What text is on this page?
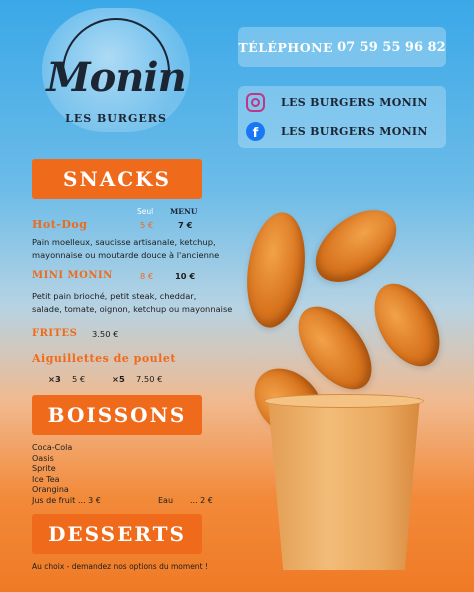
Monin
LES BURGERS
TÉLÉPHONE 07 59 55 96 82
LES BURGERS MONIN
f	LES BURGERS MONIN
SNACKS
Seul MENU
Hot-Dog	5 €	7 €
Pain moelleux, saucisse artisanale, ketchup,
mayonnaise ou moutarde douce à l'ancienne
MINI MONIN	8 €	10 €
Petit pain brioché, petit steak, cheddar,
salade, tomate, oignon, ketchup ou mayonnaise
FRITES 3.50 €
Aiguillettes de poulet
×3 5 €	×5 7.50 €
BOISSONS
Coca-Cola
Oasis
Sprite
Ice Tea
Orangina
Jus de fruit ... 3 €	Eau ... 2 €
DESSERTS
Au choix - demandez nos options du moment !
